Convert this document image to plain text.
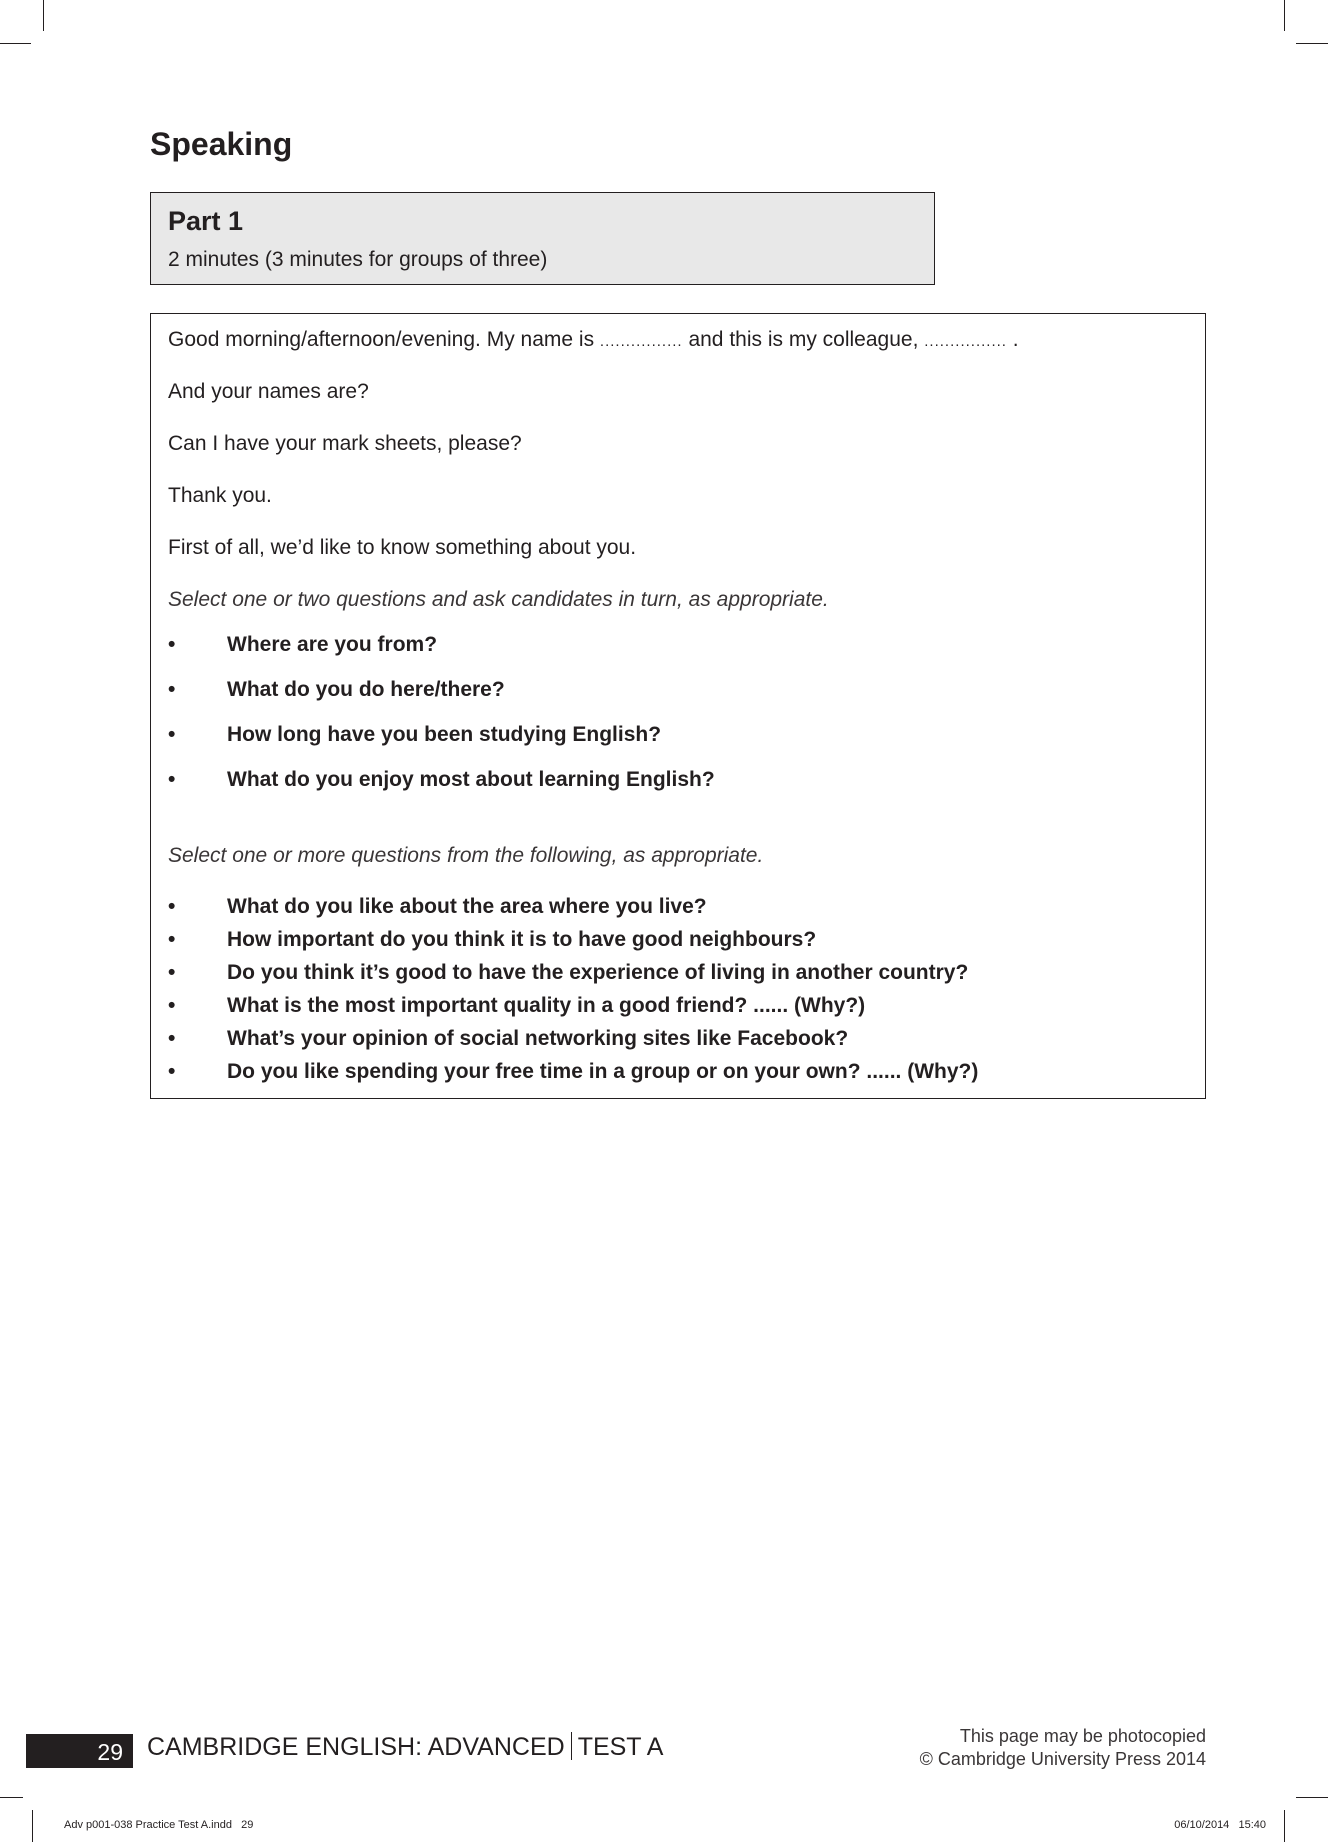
Speaking
Part 1
2 minutes (3 minutes for groups of three)
Good morning/afternoon/evening. My name is ................ and this is my colleague, ................ .
And your names are?
Can I have your mark sheets, please?
Thank you.
First of all, we’d like to know something about you.
Select one or two questions and ask candidates in turn, as appropriate.
•	Where are you from?
•	What do you do here/there?
•	How long have you been studying English?
•	What do you enjoy most about learning English?
Select one or more questions from the following, as appropriate.
•	What do you like about the area where you live?
•	How important do you think it is to have good neighbours?
•	Do you think it’s good to have the experience of living in another country?
•	What is the most important quality in a good friend? ...... (Why?)
•	What’s your opinion of social networking sites like Facebook?
•	Do you like spending your free time in a group or on your own? ...... (Why?)
29 CAMBRIDGE ENGLISH: ADVANCED TEST A	This page may be photocopied
© Cambridge University Press 2014
Adv p001-038 Practice Test A.indd   29	06/10/2014   15:40
